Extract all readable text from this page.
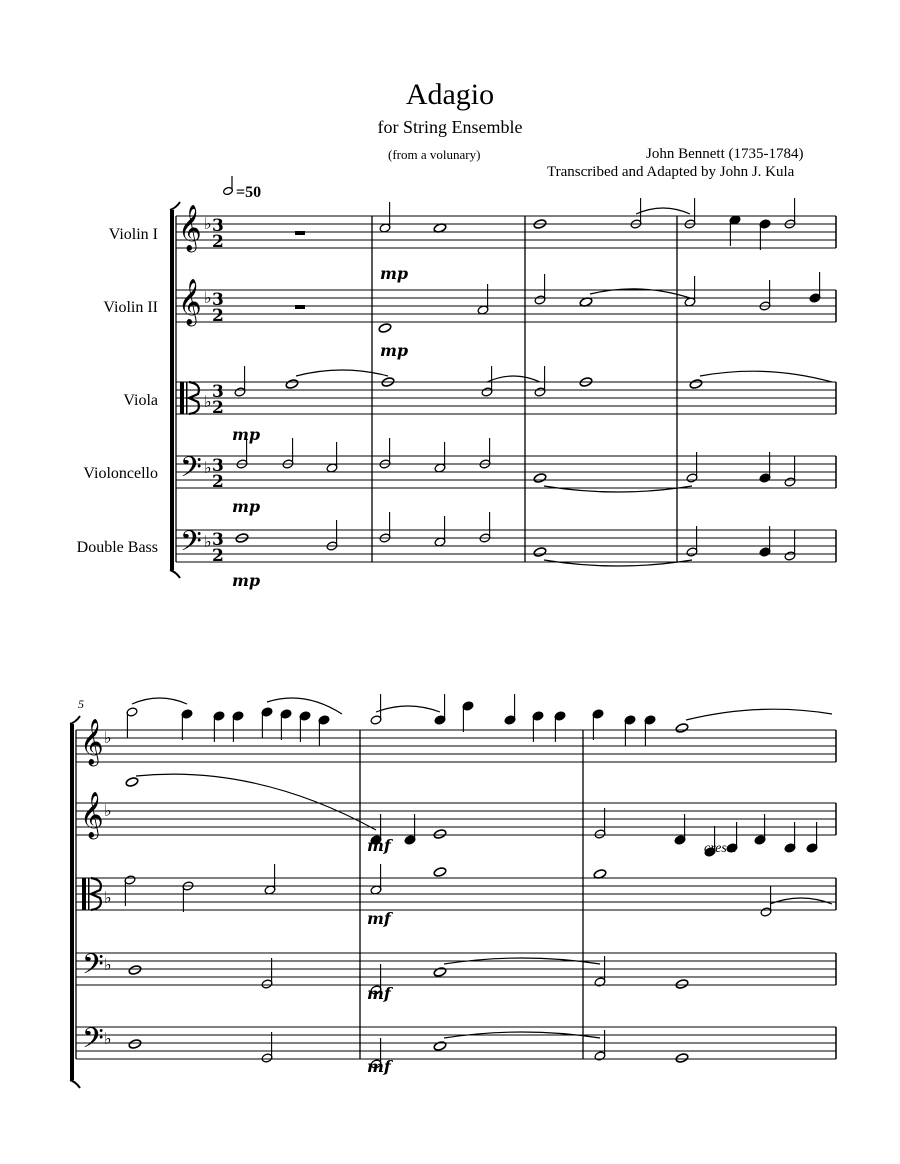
Adagio
for String Ensemble
(from a volunary)	John Bennett (1735-1784)
Transcribed and Adapted by John J. Kula
Violin I
Violin II
Viola
Violoncello
Double Bass
=50
𝄞 ♭ 3
2
𝄞 ♭ 3
2
♭ 3
2
𝄢 ♭ 3
2
𝄢 ♭ 3
2
𝄞 ♭
𝄞 ♭
♭
𝄢 ♭
𝄢 ♭
5
mp
mp
mp
mp
mp
mf
mf
mf
mf
cresc.
